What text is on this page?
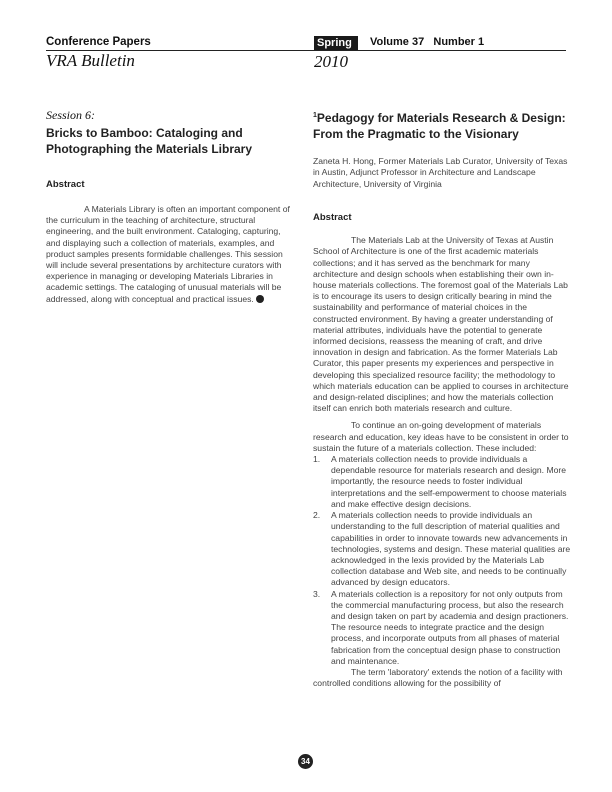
Conference Papers
VRA Bulletin
Spring	Volume 37 Number 1
2010

Session 6:

Bricks to Bamboo: Cataloging and Photographing the Materials Library

Abstract

A Materials Library is often an important component of the curriculum in the teaching of architecture, structural engineering, and the built environment. Cataloging, capturing, and displaying such a collection of materials, examples, and product samples presents formidable challenges. This session will include several presentations by architecture curators with experience in managing or developing Materials Libraries in academic settings. The cataloging of unusual materials will be addressed, along with conceptual and practical issues.	▼

$^1$Pedagogy for Materials Research & Design: From the Pragmatic to the Visionary

Zaneta H. Hong, Former Materials Lab Curator, University of Texas in Austin, Adjunct Professor in Architecture and Landscape Architecture, University of Virginia

Abstract

The Materials Lab at the University of Texas at Austin School of Architecture is one of the first academic materials collections; and it has served as the benchmark for many architecture and design schools when establishing their own in-house materials collections. The foremost goal of the Materials Lab is to encourage its users to design critically bearing in mind the sustainability and performance of material choices in the constructed environment. By having a greater understanding of material attributes, individuals have the potential to generate informed decisions, reassess the meaning of craft, and drive innovation in design and fabrication. As the former Materials Lab Curator, this paper presents my experiences and perspective in developing this specialized resource facility; the methodology to which materials education can be applied to courses in architecture and design-related disciplines; and how the materials collection itself can enrich both materials research and culture.

To continue an on-going development of materials research and education, key ideas have to be consistent in order to sustain the future of a materials collection. These included:

1. A materials collection needs to provide individuals a dependable resource for materials research and design. More importantly, the resource needs to foster individual interpretations and the self-empowerment to choose materials and make effective design decisions.
2. A materials collection needs to provide individuals an understanding to the full description of material qualities and capabilities in order to innovate towards new advancements in technologies, systems and design. These material qualities are acknowledged in the lexis provided by the Materials Lab collection database and Web site, and needs to be continually advanced by design educators.
3. A materials collection is a repository for not only outputs from the commercial manufacturing process, but also the research and design taken on part by academia and design practioners. The resource needs to integrate practice and the design process, and incorporate outputs from all phases of material fabrication from the conceptual design phase to construction and maintenance.

The term 'laboratory' extends the notion of a facility with controlled conditions allowing for the possibility of

34
